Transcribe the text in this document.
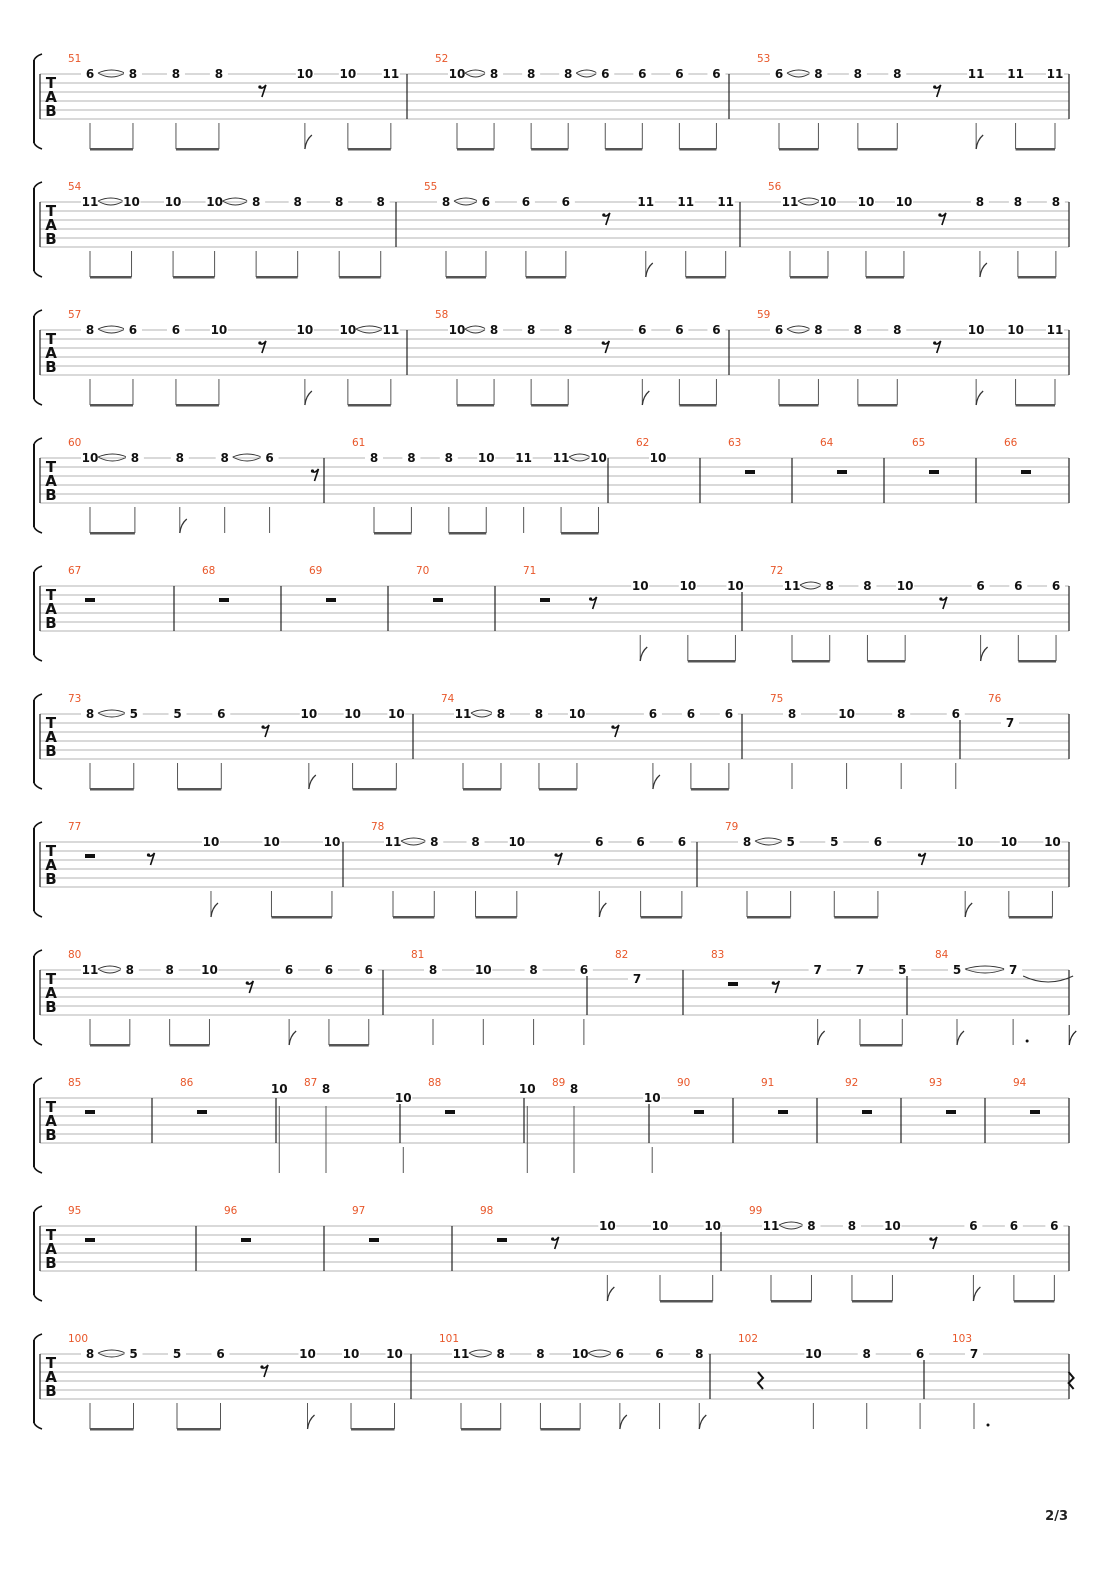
T
A
B
51
6	8	8	8	10 10 11
52
10 8 8 8 6 6 6 6
53
6	8	8	8	11 11 11
T
A
B
54
11 10 10 10 8	8	8	8
55
8	6	6	6	11 11 11
56
11 10 10 10	8 8 8
T
A
B
57
8	6	6	10	10 10 11
58
10 8 8 8	6 6 6
59
6	8	8	8	10 10 11
T
A
B
60
10	8	8	8	6
61
8 8 8 10 11 11 10
62
10
63	64	65	66
T
A
B
67	68	69	70	71
10	10	10
72
11 8 8 10	6 6 6
T
A
B
73
8	5	5	6	10 10 10
74
11 8 8 10	6 6 6
75
8	10	8	6
76
7
T
A
B
77
10	10	10
78
11 8	8 10	6	6	6
79
8	5	5	6	10 10 10
T
A
B
80
11 8	8 10	6	6	6
81
8	10	8	6
82
7
83
7	7	5
84
5	7
T
A
B
85	86	10 87 8
10
88	10 89 8
10
90	91	92	93	94
T
A
B
95	96	97	98
10	10	10
99
11 8	8 10	6	6	6
T
A
B
100
8	5	5	6	10 10 10
101
11 8	8 10 6	6	8
102
10	8	6
103
7
2/3
